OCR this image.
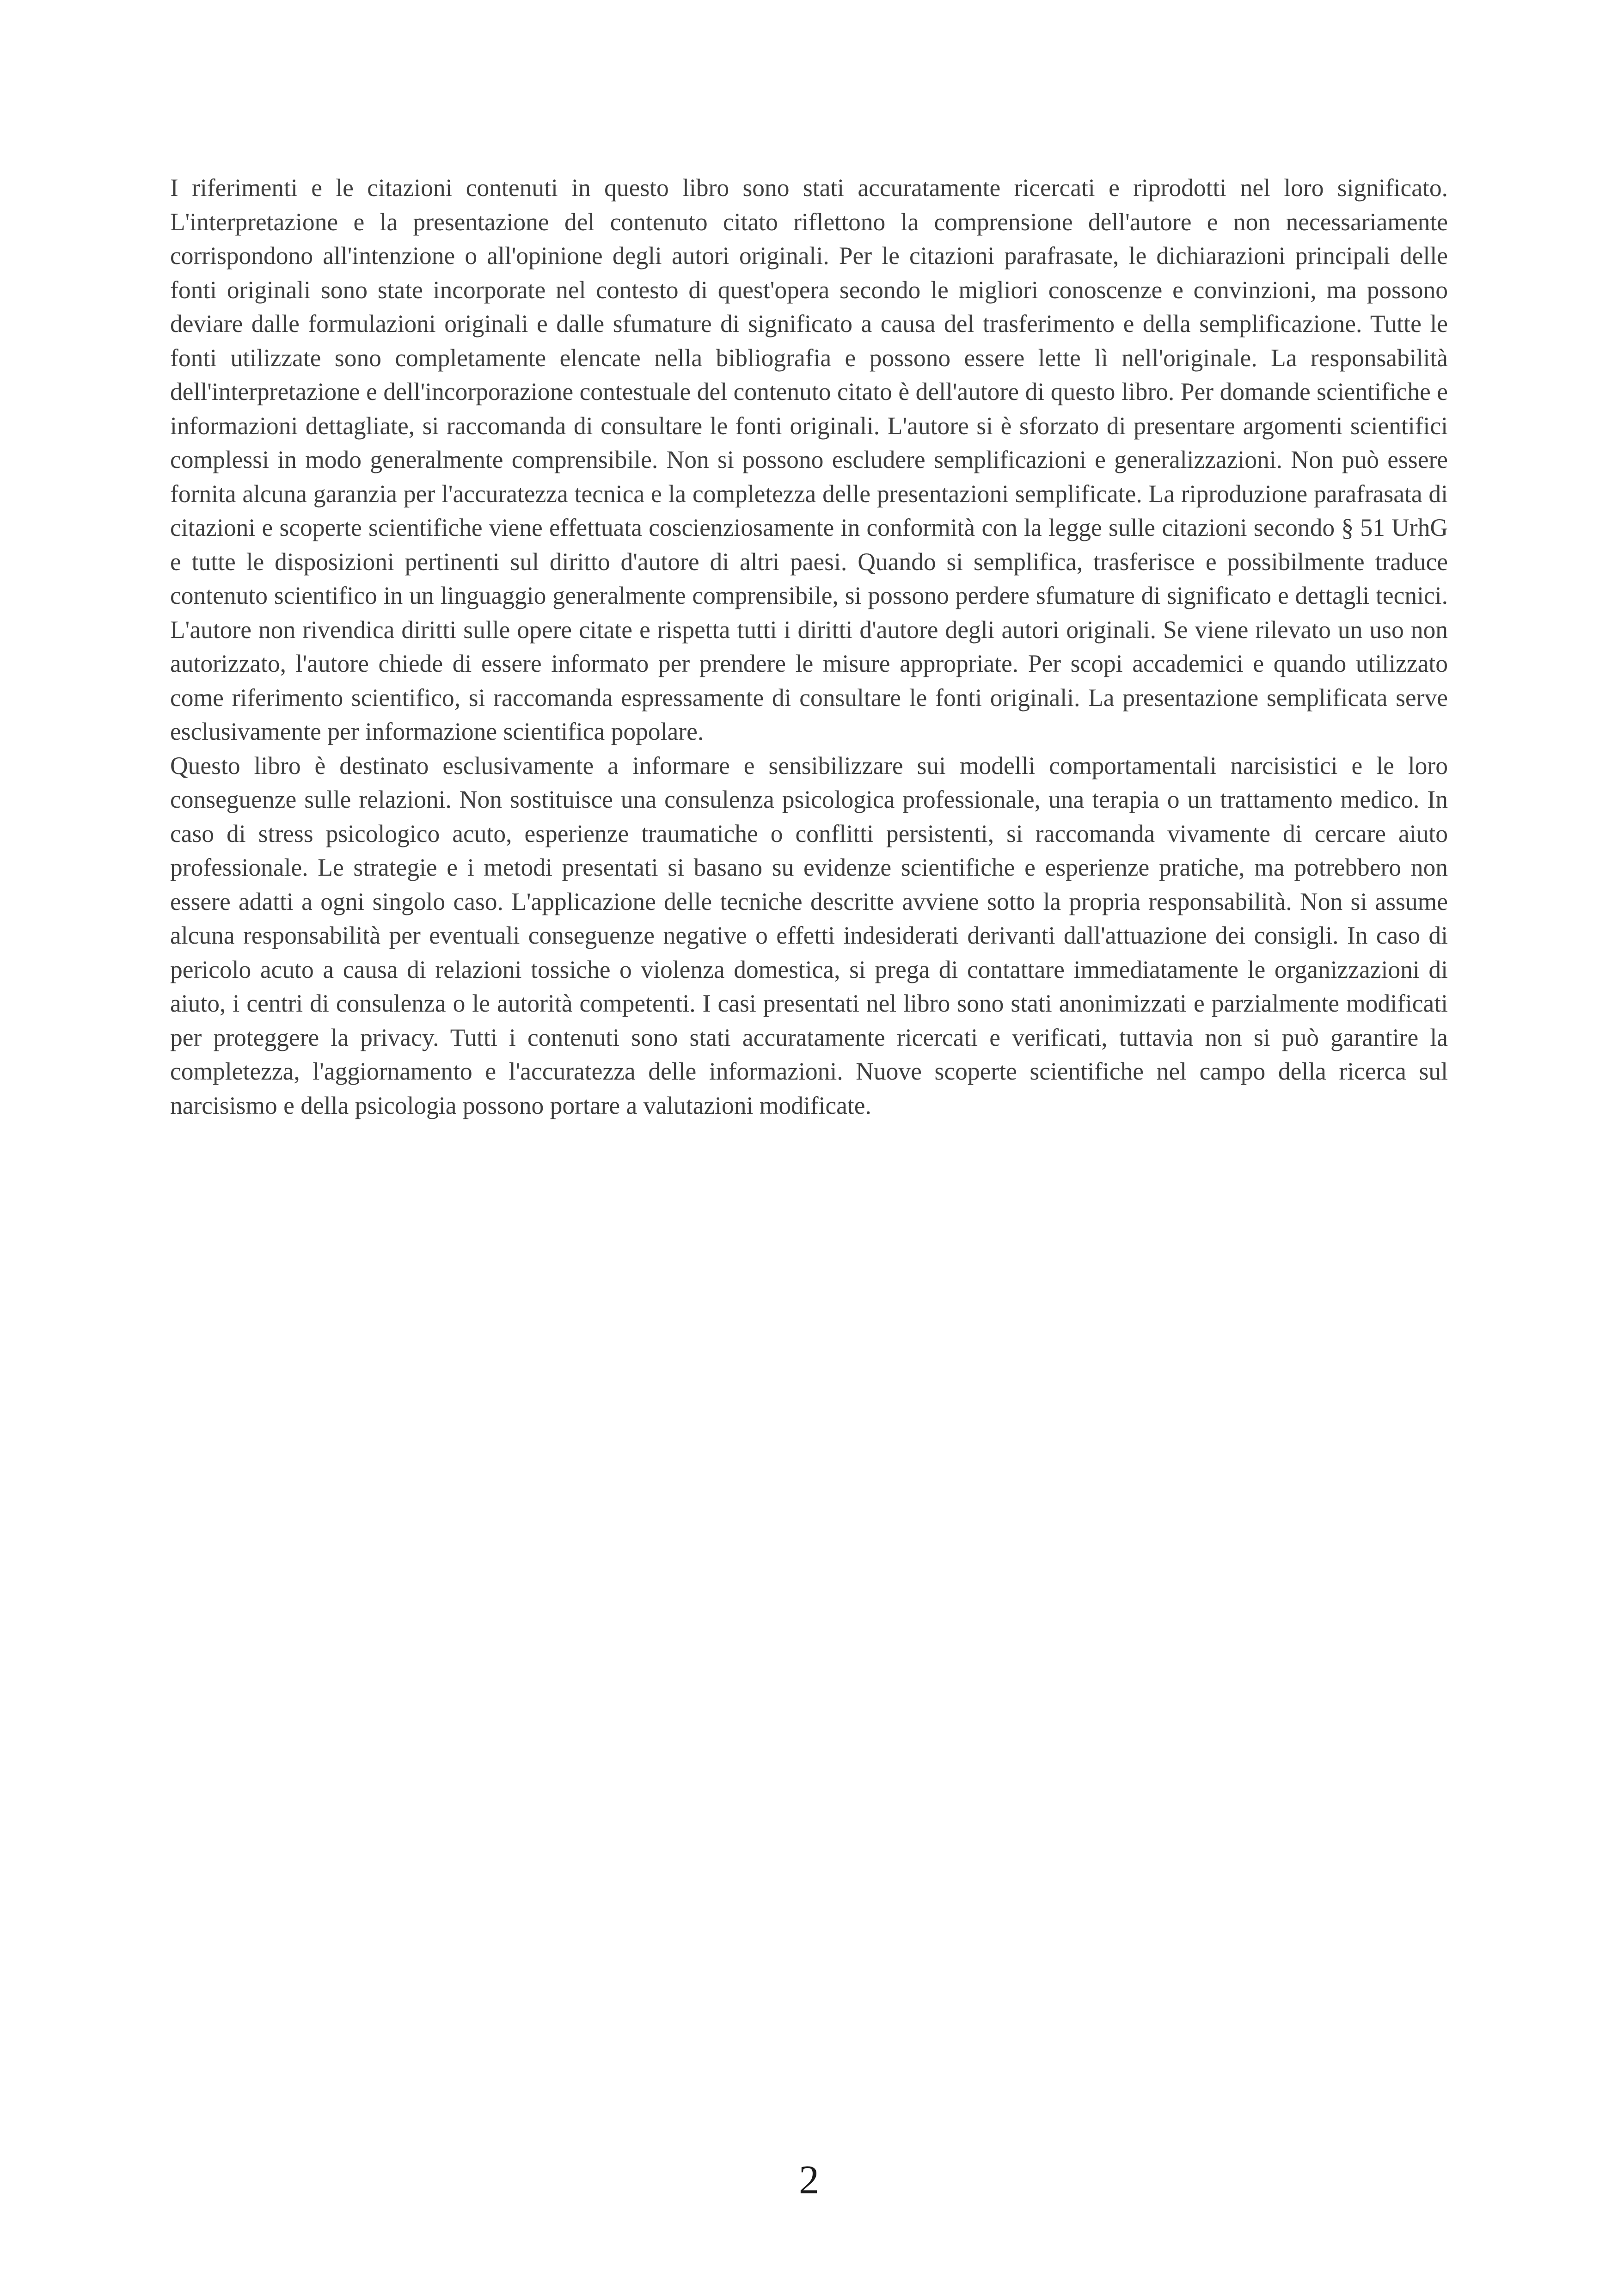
I riferimenti e le citazioni contenuti in questo libro sono stati accuratamente ricercati e riprodotti nel loro significato. L'interpretazione e la presentazione del contenuto citato riflettono la comprensione dell'autore e non necessariamente corrispondono all'intenzione o all'opinione degli autori originali. Per le citazioni parafrasate, le dichiarazioni principali delle fonti originali sono state incorporate nel contesto di quest'opera secondo le migliori conoscenze e convinzioni, ma possono deviare dalle formulazioni originali e dalle sfumature di significato a causa del trasferimento e della semplificazione. Tutte le fonti utilizzate sono completamente elencate nella bibliografia e possono essere lette lì nell'originale. La responsabilità dell'interpretazione e dell'incorporazione contestuale del contenuto citato è dell'autore di questo libro. Per domande scientifiche e informazioni dettagliate, si raccomanda di consultare le fonti originali. L'autore si è sforzato di presentare argomenti scientifici complessi in modo generalmente comprensibile. Non si possono escludere semplificazioni e generalizzazioni. Non può essere fornita alcuna garanzia per l'accuratezza tecnica e la completezza delle presentazioni semplificate. La riproduzione parafrasata di citazioni e scoperte scientifiche viene effettuata coscienziosamente in conformità con la legge sulle citazioni secondo § 51 UrhG e tutte le disposizioni pertinenti sul diritto d'autore di altri paesi. Quando si semplifica, trasferisce e possibilmente traduce contenuto scientifico in un linguaggio generalmente comprensibile, si possono perdere sfumature di significato e dettagli tecnici. L'autore non rivendica diritti sulle opere citate e rispetta tutti i diritti d'autore degli autori originali. Se viene rilevato un uso non autorizzato, l'autore chiede di essere informato per prendere le misure appropriate. Per scopi accademici e quando utilizzato come riferimento scientifico, si raccomanda espressamente di consultare le fonti originali. La presentazione semplificata serve esclusivamente per informazione scientifica popolare.

Questo libro è destinato esclusivamente a informare e sensibilizzare sui modelli comportamentali narcisistici e le loro conseguenze sulle relazioni. Non sostituisce una consulenza psicologica professionale, una terapia o un trattamento medico. In caso di stress psicologico acuto, esperienze traumatiche o conflitti persistenti, si raccomanda vivamente di cercare aiuto professionale. Le strategie e i metodi presentati si basano su evidenze scientifiche e esperienze pratiche, ma potrebbero non essere adatti a ogni singolo caso. L'applicazione delle tecniche descritte avviene sotto la propria responsabilità. Non si assume alcuna responsabilità per eventuali conseguenze negative o effetti indesiderati derivanti dall'attuazione dei consigli. In caso di pericolo acuto a causa di relazioni tossiche o violenza domestica, si prega di contattare immediatamente le organizzazioni di aiuto, i centri di consulenza o le autorità competenti. I casi presentati nel libro sono stati anonimizzati e parzialmente modificati per proteggere la privacy. Tutti i contenuti sono stati accuratamente ricercati e verificati, tuttavia non si può garantire la completezza, l'aggiornamento e l'accuratezza delle informazioni. Nuove scoperte scientifiche nel campo della ricerca sul narcisismo e della psicologia possono portare a valutazioni modificate.

2
